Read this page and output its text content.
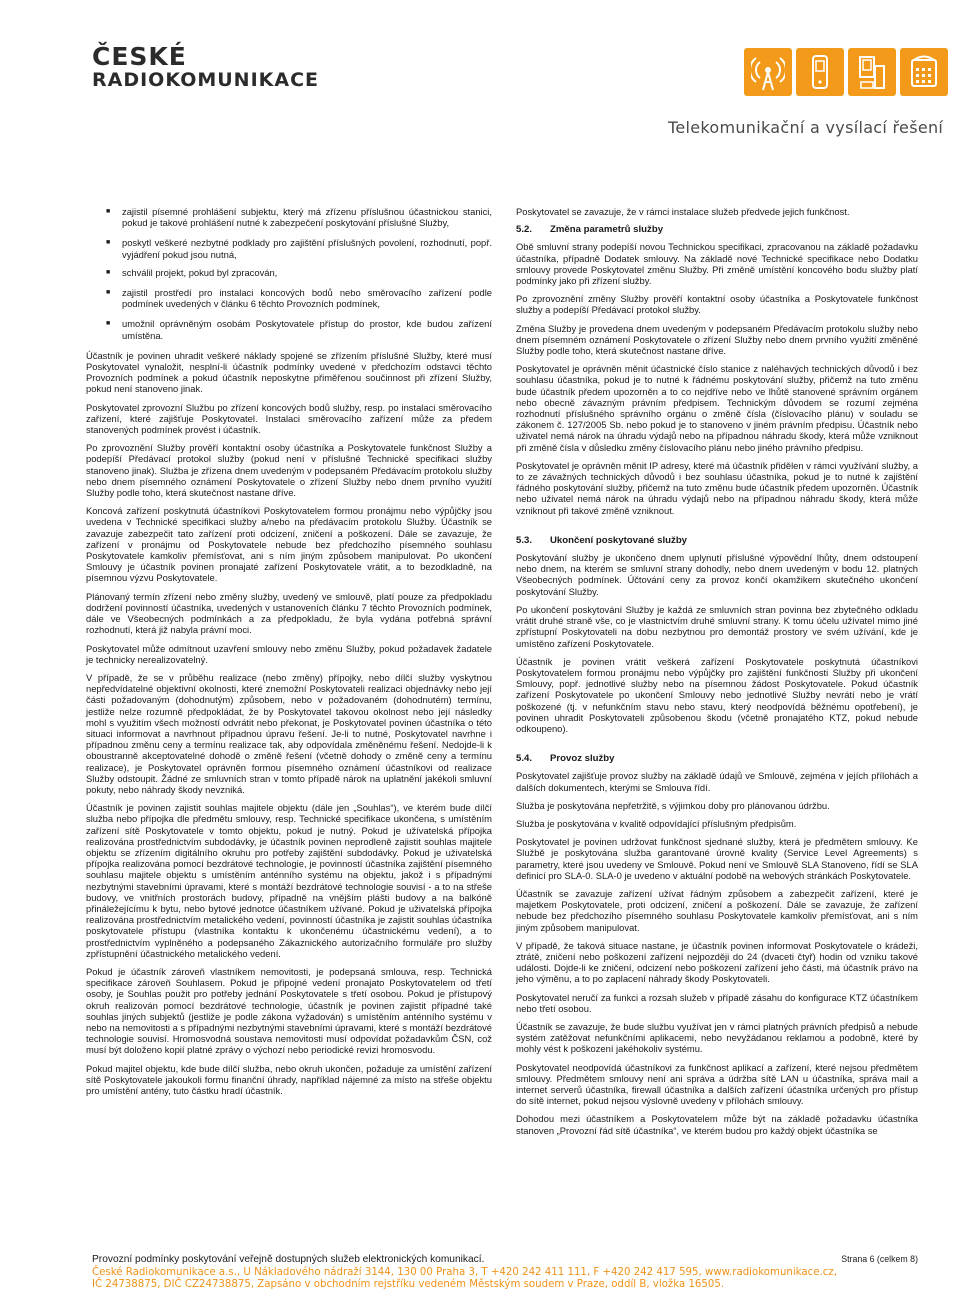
ČESKÉ
RADIOKOMUNIKACE
Telekomunikační a vysílací řešení
■ zajistil písemné prohlášení subjektu, který má zřízenu příslušnou účastnickou stanici, pokud je takové prohlášení nutné k zabezpečení poskytování příslušné Služby,
■ poskytl veškeré nezbytné podklady pro zajištění příslušných povolení, rozhodnutí, popř. vyjádření pokud jsou nutná,
■ schválil projekt, pokud byl zpracován,
■ zajistil prostředí pro instalaci koncových bodů nebo směrovacího zařízení podle podmínek uvedených v článku 6 těchto Provozních podmínek,
■ umožnil oprávněným osobám Poskytovatele přístup do prostor, kde budou zařízení umístěna.

Účastník je povinen uhradit veškeré náklady spojené se zřízením příslušné Služby, které musí Poskytovatel vynaložit, nesplní-li účastník podmínky uvedené v předchozím odstavci těchto Provozních podmínek a pokud účastník neposkytne přiměřenou součinnost při zřízení Služby, pokud není stanoveno jinak.

Poskytovatel zprovozní Službu po zřízení koncových bodů služby, resp. po instalaci směrovacího zařízení, které zajišťuje Poskytovatel. Instalaci směrovacího zařízení může za předem stanovených podmínek provést i účastník.

Po zprovoznění Služby prověří kontaktní osoby účastníka a Poskytovatele funkčnost Služby a podepíší Předávací protokol služby (pokud není v příslušné Technické specifikaci služby stanoveno jinak). Služba je zřízena dnem uvedeným v podepsaném Předávacím protokolu služby nebo dnem písemného oznámení Poskytovatele o zřízení Služby nebo dnem prvního využití Služby podle toho, která skutečnost nastane dříve.

Koncová zařízení poskytnutá účastníkovi Poskytovatelem formou pronájmu nebo výpůjčky jsou uvedena v Technické specifikaci služby a/nebo na předávacím protokolu Služby. Účastník se zavazuje zabezpečit tato zařízení proti odcizení, zničení a poškození. Dále se zavazuje, že zařízení v pronájmu od Poskytovatele nebude bez předchozího písemného souhlasu Poskytovatele kamkoliv přemísťovat, ani s ním jiným způsobem manipulovat. Po ukončení Smlouvy je účastník povinen pronajaté zařízení Poskytovatele vrátit, a to bezodkladně, na písemnou výzvu Poskytovatele.

Plánovaný termín zřízení nebo změny služby, uvedený ve smlouvě, platí pouze za předpokladu dodržení povinností účastníka, uvedených v ustanoveních článku 7 těchto Provozních podmínek, dále ve Všeobecných podmínkách a za předpokladu, že byla vydána potřebná správní rozhodnutí, která již nabyla právní moci.

Poskytovatel může odmítnout uzavření smlouvy nebo změnu Služby, pokud požadavek žadatele je technicky nerealizovatelný.

V případě, že se v průběhu realizace (nebo změny) přípojky, nebo dílčí služby vyskytnou nepředvídatelné objektivní okolnosti, které znemožní Poskytovateli realizaci objednávky nebo její části požadovaným (dohodnutým) způsobem, nebo v požadovaném (dohodnutém) termínu, jestliže nelze rozumně předpokládat, že by Poskytovatel takovou okolnost nebo její následky mohl s využitím všech možností odvrátit nebo překonat, je Poskytovatel povinen účastníka o této situaci informovat a navrhnout případnou úpravu řešení. Je-li to nutné, Poskytovatel navrhne i případnou změnu ceny a termínu realizace tak, aby odpovídala změněnému řešení. Nedojde-li k oboustranně akceptovatelné dohodě o změně řešení (včetně dohody o změně ceny a termínu realizace), je Poskytovatel oprávněn formou písemného oznámení účastníkovi od realizace Služby odstoupit. Žádné ze smluvních stran v tomto případě nárok na uplatnění jakékoli smluvní pokuty, nebo náhrady škody nevzniká.

Účastník je povinen zajistit souhlas majitele objektu (dále jen „Souhlas“), ve kterém bude dílčí služba nebo přípojka dle předmětu smlouvy, resp. Technické specifikace ukončena, s umístěním zařízení sítě Poskytovatele v tomto objektu, pokud je nutný. Pokud je užívatelská přípojka realizována prostřednictvím subdodávky, je účastník povinen neprodleně zajistit souhlas majitele objektu se zřízením digitálního okruhu pro potřeby zajištění subdodávky. Pokud je uživatelská přípojka realizována pomocí bezdrátové technologie, je povinností účastníka zajištění písemného souhlasu majitele objektu s umístěním anténního systému na objektu, jakož i s případnými nezbytnými stavebními úpravami, které s montáží bezdrátové technologie souvisí - a to na střeše budovy, ve vnitřních prostorách budovy, případně na vnějším plášti budovy a na balkóně přináležejícímu k bytu, nebo bytové jednotce účastníkem užívané. Pokud je uživatelská přípojka realizována prostřednictvím metalického vedení, povinností účastníka je zajistit souhlas účastníka poskytovatele přístupu (vlastníka kontaktu k ukončenému účastnickému vedení), a to prostřednictvím vyplněného a podepsaného Zákaznického autorizačního formuláře pro služby zpřístupnění účastnického metalického vedení.

Pokud je účastník zároveň vlastníkem nemovitosti, je podepsaná smlouva, resp. Technická specifikace zároveň Souhlasem. Pokud je připojné vedení pronajato Poskytovatelem od třetí osoby, je Souhlas použit pro potřeby jednání Poskytovatele s třetí osobou. Pokud je přístupový okruh realizován pomocí bezdrátové technologie, účastník je povinen zajistit případné také souhlas jiných subjektů (jestliže je podle zákona vyžadován) s umístěním anténního systému v nebo na nemovitosti a s případnými nezbytnými stavebními úpravami, které s montáží bezdrátové technologie souvisí. Hromosvodná soustava nemovitosti musí odpovídat požadavkům ČSN, což musí být doloženo kopií platné zprávy o výchozí nebo periodické revizi hromosvodu.

Pokud majitel objektu, kde bude dílčí služba, nebo okruh ukončen, požaduje za umístění zařízení sítě Poskytovatele jakoukoli formu finanční úhrady, například nájemné za místo na střeše objektu pro umístění antény, tuto částku hradí účastník.

Poskytovatel se zavazuje, že v rámci instalace služeb předvede jejich funkčnost.

5.2. Změna parametrů služby

Obě smluvní strany podepíší novou Technickou specifikaci, zpracovanou na základě požadavku účastníka, případně Dodatek smlouvy. Na základě nové Technické specifikace nebo Dodatku smlouvy provede Poskytovatel změnu Služby. Při změně umístění koncového bodu služby platí podmínky jako při zřízení služby.

Po zprovoznění změny Služby prověří kontaktní osoby účastníka a Poskytovatele funkčnost služby a podepíší Předávací protokol služby.

Změna Služby je provedena dnem uvedeným v podepsaném Předávacím protokolu služby nebo dnem písemném oznámení Poskytovatele o zřízení Služby nebo dnem prvního využití změněné Služby podle toho, která skutečnost nastane dříve.

Poskytovatel je oprávněn měnit účastnické číslo stanice z naléhavých technických důvodů i bez souhlasu účastníka, pokud je to nutné k řádnému poskytování služby, přičemž na tuto změnu bude účastník předem upozorněn a to co nejdříve nebo ve lhůtě stanovené správním orgánem nebo obecně závazným právním předpisem. Technickým důvodem se rozumí zejména rozhodnutí příslušného správního orgánu o změně čísla (číslovacího plánu) v souladu se zákonem č. 127/2005 Sb. nebo pokud je to stanoveno v jiném právním předpisu. Účastník nebo uživatel nemá nárok na úhradu výdajů nebo na případnou náhradu škody, která může vzniknout při změně čísla v důsledku změny číslovacího plánu nebo jiného právního předpisu.

Poskytovatel je oprávněn měnit IP adresy, které má účastník přidělen v rámci využívání služby, a to ze závažných technických důvodů i bez souhlasu účastníka, pokud je to nutné k zajištění řádného poskytování služby, přičemž na tuto změnu bude účastník předem upozorněn. Účastník nebo uživatel nemá nárok na úhradu výdajů nebo na případnou náhradu škody, která může vzniknout při takové změně vzniknout.

5.3. Ukončení poskytované služby

Poskytování služby je ukončeno dnem uplynutí příslušné výpovědní lhůty, dnem odstoupení nebo dnem, na kterém se smluvní strany dohodly, nebo dnem uvedeným v bodu 12. platných Všeobecných podmínek. Účtování ceny za provoz končí okamžikem skutečného ukončení poskytování Služby.

Po ukončení poskytování Služby je každá ze smluvních stran povinna bez zbytečného odkladu vrátit druhé straně vše, co je vlastnictvím druhé smluvní strany. K tomu účelu užívatel mimo jiné zpřístupní Poskytovateli na dobu nezbytnou pro demontáž prostory ve svém užívání, kde je umístěno zařízení Poskytovatele.

Účastník je povinen vrátit veškerá zařízení Poskytovatele poskytnutá účastníkovi Poskytovatelem formou pronájmu nebo výpůjčky pro zajištění funkčnosti Služby při ukončení Smlouvy, popř. jednotlivé služby nebo na písemnou žádost Poskytovatele. Pokud účastník zařízení Poskytovatele po ukončení Smlouvy nebo jednotlivé Služby nevrátí nebo je vrátí poškozené (tj. v nefunkčním stavu nebo stavu, který neodpovídá běžnému opotřebení), je povinen uhradit Poskytovateli způsobenou škodu (včetně pronajatého KTZ, pokud nebude odkoupeno).

5.4. Provoz služby

Poskytovatel zajišťuje provoz služby na základě údajů ve Smlouvě, zejména v jejích přílohách a dalších dokumentech, kterými se Smlouva řídí.

Služba je poskytována nepřetržitě, s výjimkou doby pro plánovanou údržbu.

Služba je poskytována v kvalitě odpovídající příslušným předpisům.

Poskytovatel je povinen udržovat funkčnost sjednané služby, která je předmětem smlouvy. Ke Službě je poskytována služba garantované úrovně kvality (Service Level Agreements) s parametry, které jsou uvedeny ve Smlouvě. Pokud není ve Smlouvě SLA Stanoveno, řídí se SLA definicí pro SLA-0. SLA-0 je uvedeno v aktuální podobě na webových stránkách Poskytovatele.

Účastník se zavazuje zařízení užívat řádným způsobem a zabezpečit zařízení, které je majetkem Poskytovatele, proti odcizení, zničení a poškození. Dále se zavazuje, že zařízení nebude bez předchozího písemného souhlasu Poskytovatele kamkoliv přemísťovat, ani s ním jiným způsobem manipulovat.

V případě, že taková situace nastane, je účastník povinen informovat Poskytovatele o krádeži, ztrátě, zničení nebo poškození zařízení nejpozději do 24 (dvaceti čtyř) hodin od vzniku takové události. Dojde-li ke zničení, odcizení nebo poškození zařízení jeho části, má účastník právo na jeho výměnu, a to po zaplacení náhrady škody Poskytovateli.

Poskytovatel neručí za funkci a rozsah služeb v případě zásahu do konfigurace KTZ účastníkem nebo třetí osobou.

Účastník se zavazuje, že bude službu využívat jen v rámci platných právních předpisů a nebude systém zatěžovat nefunkčními aplikacemi, nebo nevyžádanou reklamou a podobně, které by mohly vést k poškození jakéhokoliv systému.

Poskytovatel neodpovídá účastníkovi za funkčnost aplikací a zařízení, které nejsou předmětem smlouvy. Předmětem smlouvy není ani správa a údržba sítě LAN u účastníka, správa mail a internet serverů účastníka, firewall účastníka a dalších zařízení účastníka určených pro přístup do sítě internet, pokud nejsou výslovně uvedeny v přílohách smlouvy.

Dohodou mezi účastníkem a Poskytovatelem může být na základě požadavku účastníka stanoven „Provozní řád sítě účastníka“, ve kterém budou pro každý objekt účastníka se

Provozní podmínky poskytování veřejně dostupných služeb elektronických komunikací.	Strana 6 (celkem 8)
České Radiokomunikace a.s., U Nákladového nádraží 3144, 130 00 Praha 3, T +420 242 411 111, F +420 242 417 595, www.radiokomunikace.cz,
IČ 24738875, DIČ CZ24738875, Zapsáno v obchodním rejstříku vedeném Městským soudem v Praze, oddíl B, vložka 16505.
